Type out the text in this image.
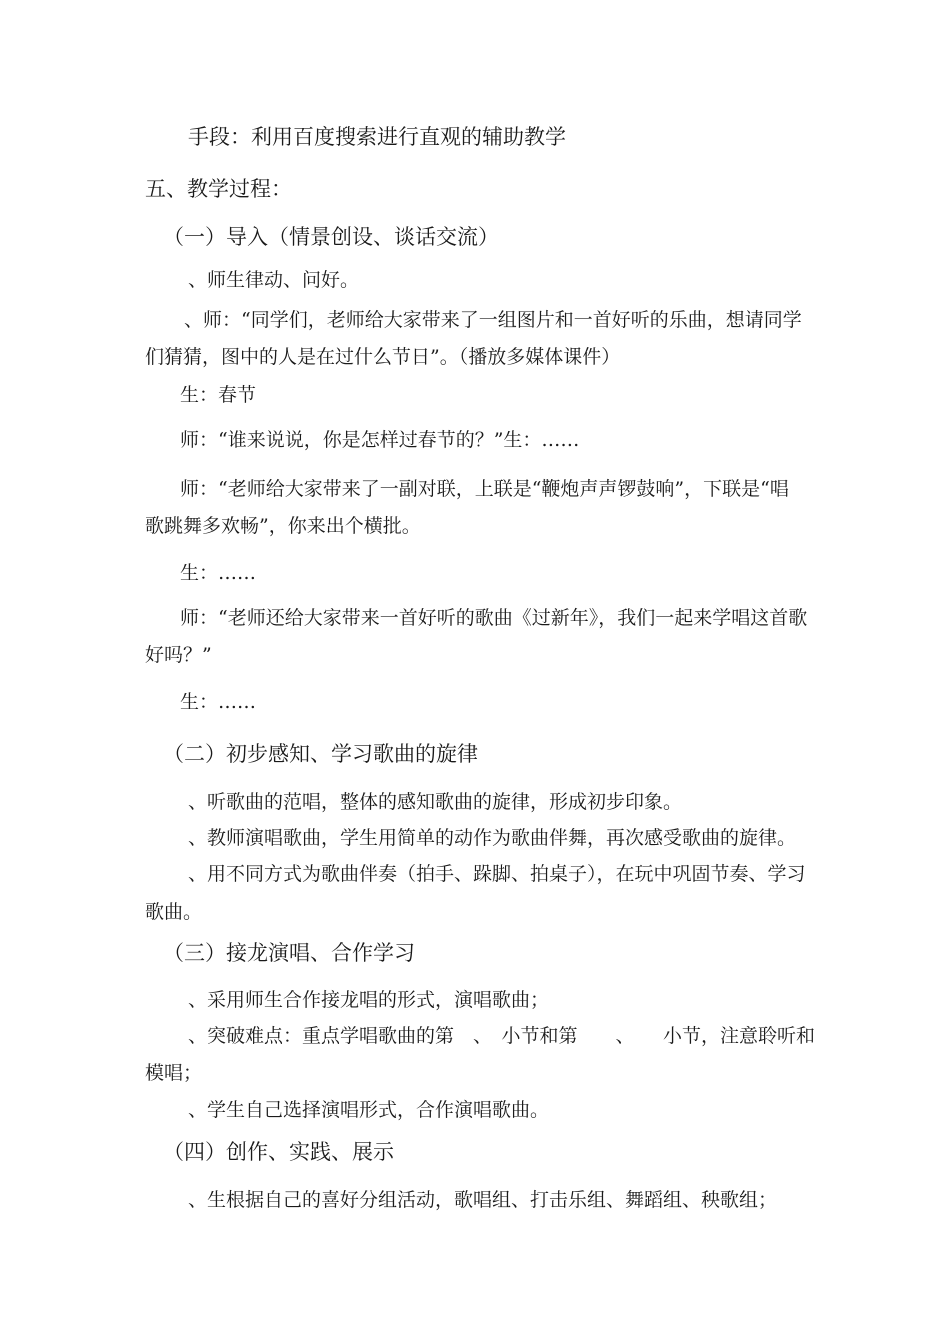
手段：利用百度搜索进行直观的辅助教学
五、教学过程：
（一）导入（情景创设、谈话交流）
、师生律动、问好。
、师：“同学们，老师给大家带来了一组图片和一首好听的乐曲，想请同学
们猜猜，图中的人是在过什么节日”。（播放多媒体课件）
生：春节
师：“谁来说说，你是怎样过春节的？”生：……
师：“老师给大家带来了一副对联，上联是“鞭炮声声锣鼓响”，下联是“唱
歌跳舞多欢畅”，你来出个横批。
生：……
师：“老师还给大家带来一首好听的歌曲《过新年》，我们一起来学唱这首歌
好吗？”
生：……
（二）初步感知、学习歌曲的旋律
、听歌曲的范唱，整体的感知歌曲的旋律，形成初步印象。
、教师演唱歌曲，学生用简单的动作为歌曲伴舞，再次感受歌曲的旋律。
、用不同方式为歌曲伴奏（拍手、跺脚、拍桌子），在玩中巩固节奏、学习
歌曲。
（三）接龙演唱、合作学习
、采用师生合作接龙唱的形式，演唱歌曲；
、突破难点：重点学唱歌曲的第　、　小节和第　　、　　小节，注意聆听和
模唱；
、学生自己选择演唱形式，合作演唱歌曲。
（四）创作、实践、展示
、生根据自己的喜好分组活动，歌唱组、打击乐组、舞蹈组、秧歌组；
